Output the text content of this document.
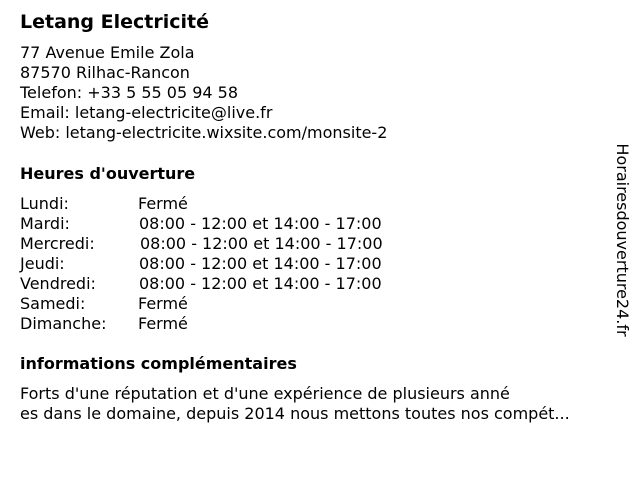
Letang Electricité
77 Avenue Emile Zola
87570 Rilhac-Rancon
Telefon: +33 5 55 05 94 58
Email: letang-electricite@live.fr
Web: letang-electricite.wixsite.com/monsite-2
Heures d'ouverture
Lundi:	Fermé
Mardi:	08:00 - 12:00 et 14:00 - 17:00
Mercredi:	08:00 - 12:00 et 14:00 - 17:00
Jeudi:	08:00 - 12:00 et 14:00 - 17:00
Vendredi:	08:00 - 12:00 et 14:00 - 17:00
Samedi:	Fermé
Dimanche: Fermé
informations complémentaires
Forts d'une réputation et d'une expérience de plusieurs anné
es dans le domaine, depuis 2014 nous mettons toutes nos compét...
Horairesdouverture24.fr
